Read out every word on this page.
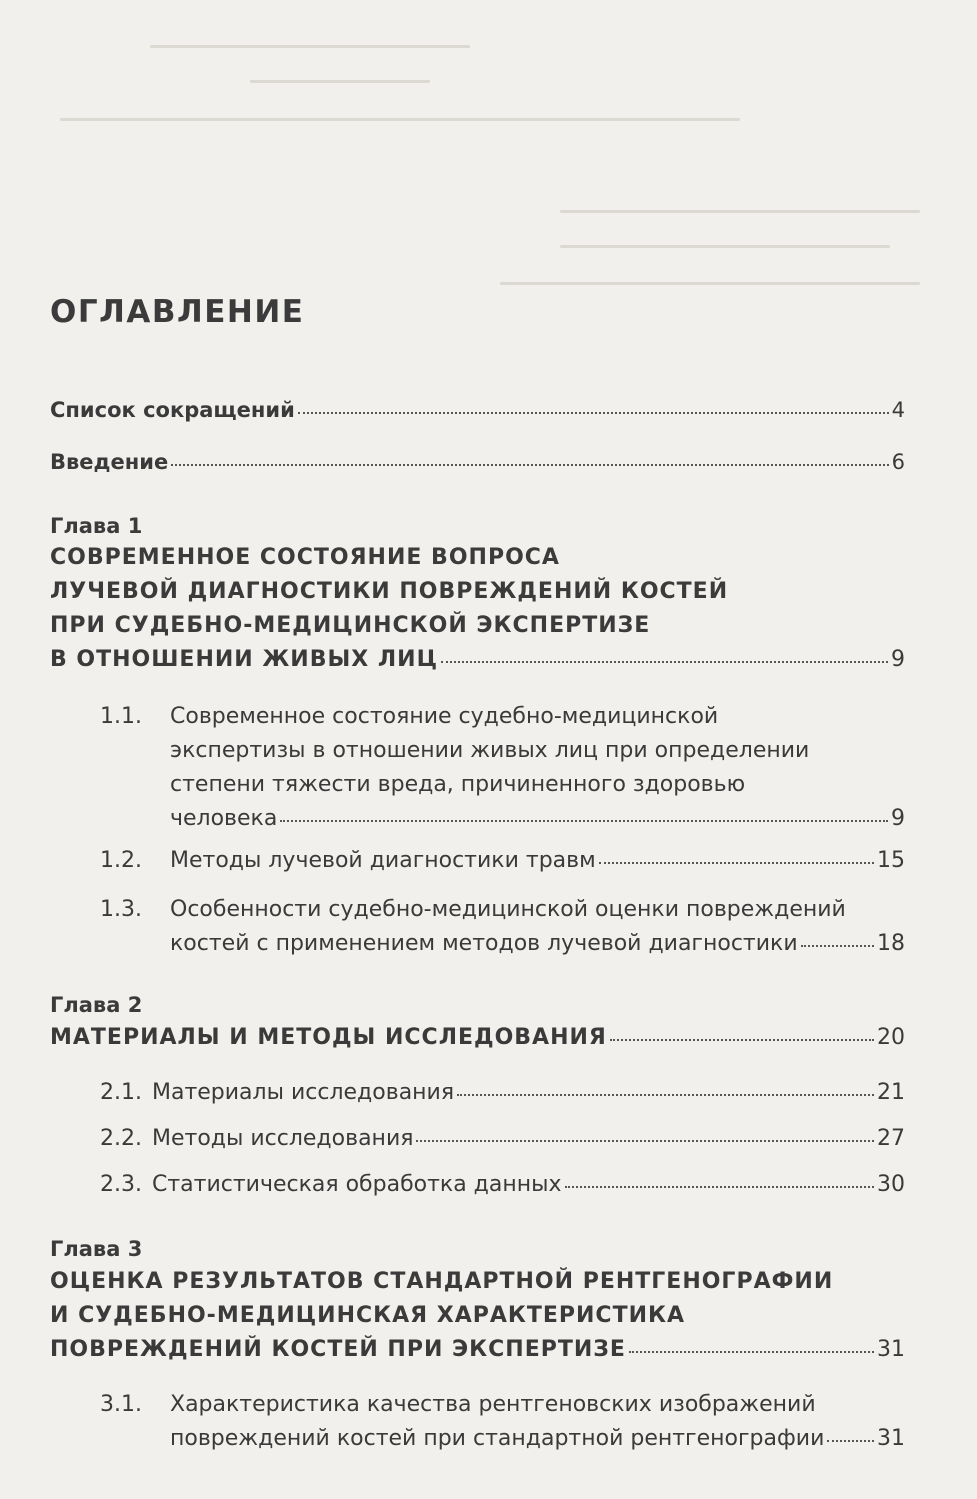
ОГЛАВЛЕНИЕ
Список сокращений	4
Введение	6
Глава 1
СОВРЕМЕННОЕ СОСТОЯНИЕ ВОПРОСА
ЛУЧЕВОЙ ДИАГНОСТИКИ ПОВРЕЖДЕНИЙ КОСТЕЙ
ПРИ СУДЕБНО-МЕДИЦИНСКОЙ ЭКСПЕРТИЗЕ
В ОТНОШЕНИИ ЖИВЫХ ЛИЦ	9
1.1. Современное состояние судебно-медицинской
экспертизы в отношении живых лиц при определении
степени тяжести вреда, причиненного здоровью
человека	9
1.2. Методы лучевой диагностики травм	15
1.3. Особенности судебно-медицинской оценки повреждений
костей с применением методов лучевой диагностики	18
Глава 2
МАТЕРИАЛЫ И МЕТОДЫ ИССЛЕДОВАНИЯ	20
2.1. Материалы исследования	21
2.2. Методы исследования	27
2.3. Статистическая обработка данных	30
Глава 3
ОЦЕНКА РЕЗУЛЬТАТОВ СТАНДАРТНОЙ РЕНТГЕНОГРАФИИ
И СУДЕБНО-МЕДИЦИНСКАЯ ХАРАКТЕРИСТИКА
ПОВРЕЖДЕНИЙ КОСТЕЙ ПРИ ЭКСПЕРТИЗЕ	31
3.1. Характеристика качества рентгеновских изображений
повреждений костей при стандартной рентгенографии 31
